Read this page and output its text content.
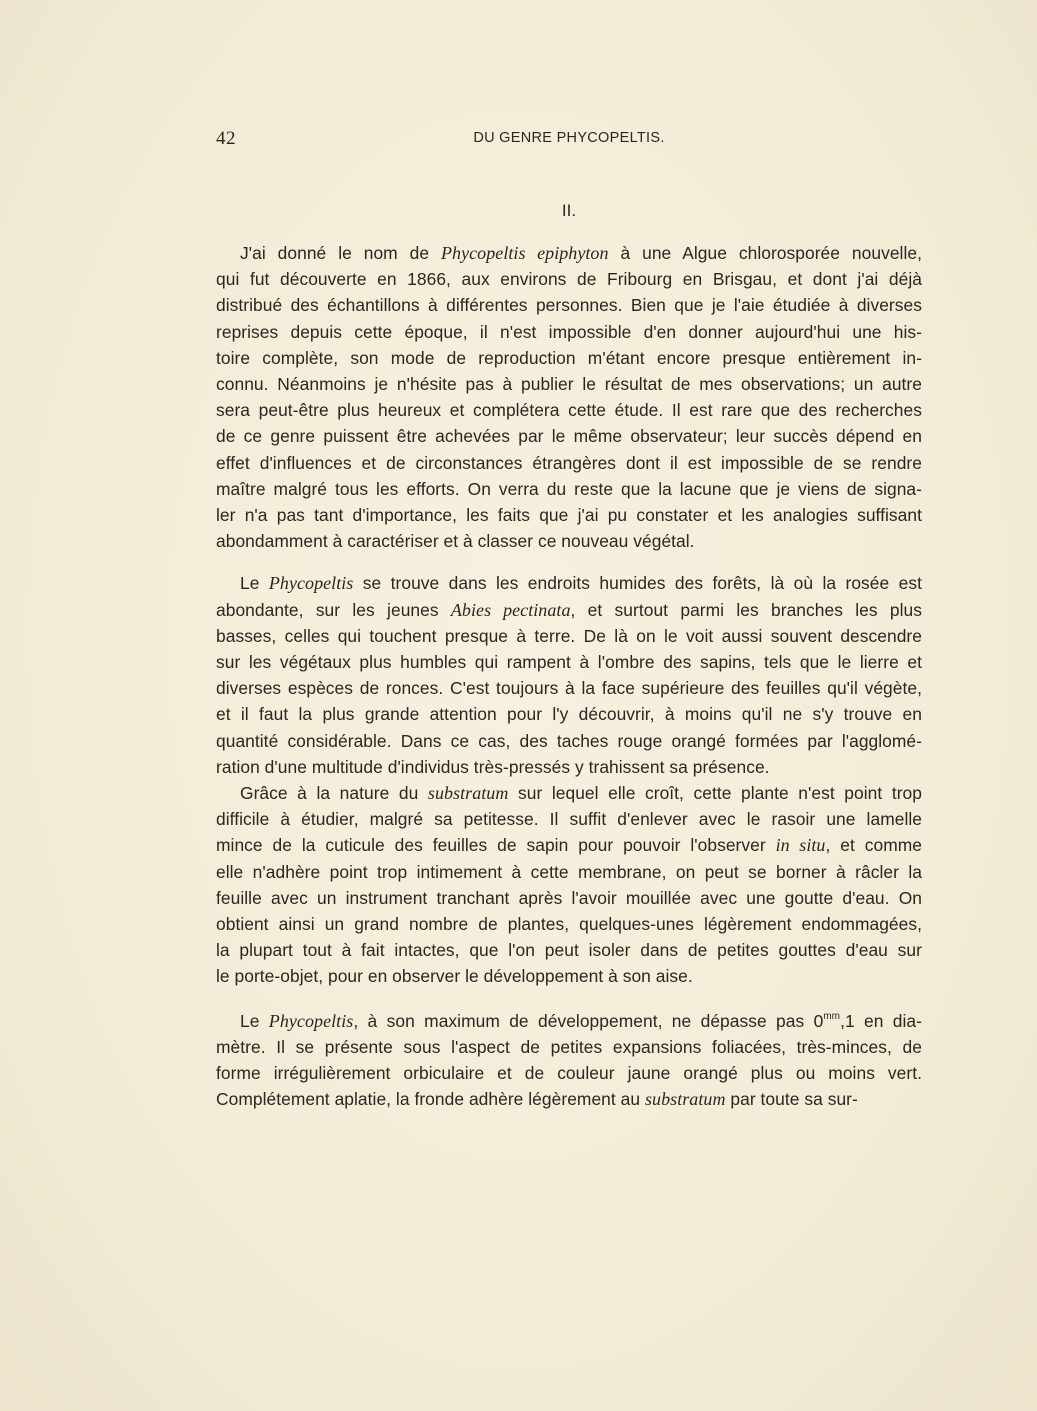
42	DU GENRE PHYCOPELTIS.
II.
J'ai donné le nom de Phycopeltis epiphyton à une Algue chlorosporée nouvelle,
qui fut découverte en 1866, aux environs de Fribourg en Brisgau, et dont j'ai déjà
distribué des échantillons à différentes personnes. Bien que je l'aie étudiée à diverses
reprises depuis cette époque, il n'est impossible d'en donner aujourd'hui une his-
toire complète, son mode de reproduction m'étant encore presque entièrement in-
connu. Néanmoins je n'hésite pas à publier le résultat de mes observations; un autre
sera peut-être plus heureux et complétera cette étude. Il est rare que des recherches
de ce genre puissent être achevées par le même observateur; leur succès dépend en
effet d'influences et de circonstances étrangères dont il est impossible de se rendre
maître malgré tous les efforts. On verra du reste que la lacune que je viens de signa-
ler n'a pas tant d'importance, les faits que j'ai pu constater et les analogies suffisant
abondamment à caractériser et à classer ce nouveau végétal.
Le Phycopeltis se trouve dans les endroits humides des forêts, là où la rosée est
abondante, sur les jeunes Abies pectinata, et surtout parmi les branches les plus
basses, celles qui touchent presque à terre. De là on le voit aussi souvent descendre
sur les végétaux plus humbles qui rampent à l'ombre des sapins, tels que le lierre et
diverses espèces de ronces. C'est toujours à la face supérieure des feuilles qu'il végète,
et il faut la plus grande attention pour l'y découvrir, à moins qu'il ne s'y trouve en
quantité considérable. Dans ce cas, des taches rouge orangé formées par l'agglomé-
ration d'une multitude d'individus très-pressés y trahissent sa présence.
Grâce à la nature du substratum sur lequel elle croît, cette plante n'est point trop
difficile à étudier, malgré sa petitesse. Il suffit d'enlever avec le rasoir une lamelle
mince de la cuticule des feuilles de sapin pour pouvoir l'observer in situ, et comme
elle n'adhère point trop intimement à cette membrane, on peut se borner à râcler la
feuille avec un instrument tranchant après l'avoir mouillée avec une goutte d'eau. On
obtient ainsi un grand nombre de plantes, quelques-unes légèrement endommagées,
la plupart tout à fait intactes, que l'on peut isoler dans de petites gouttes d'eau sur
le porte-objet, pour en observer le développement à son aise.
Le Phycopeltis, à son maximum de développement, ne dépasse pas $0^{mm},1$ en dia-
mètre. Il se présente sous l'aspect de petites expansions foliacées, très-minces, de
forme irrégulièrement orbiculaire et de couleur jaune orangé plus ou moins vert.
Complétement aplatie, la fronde adhère légèrement au substratum par toute sa sur-
